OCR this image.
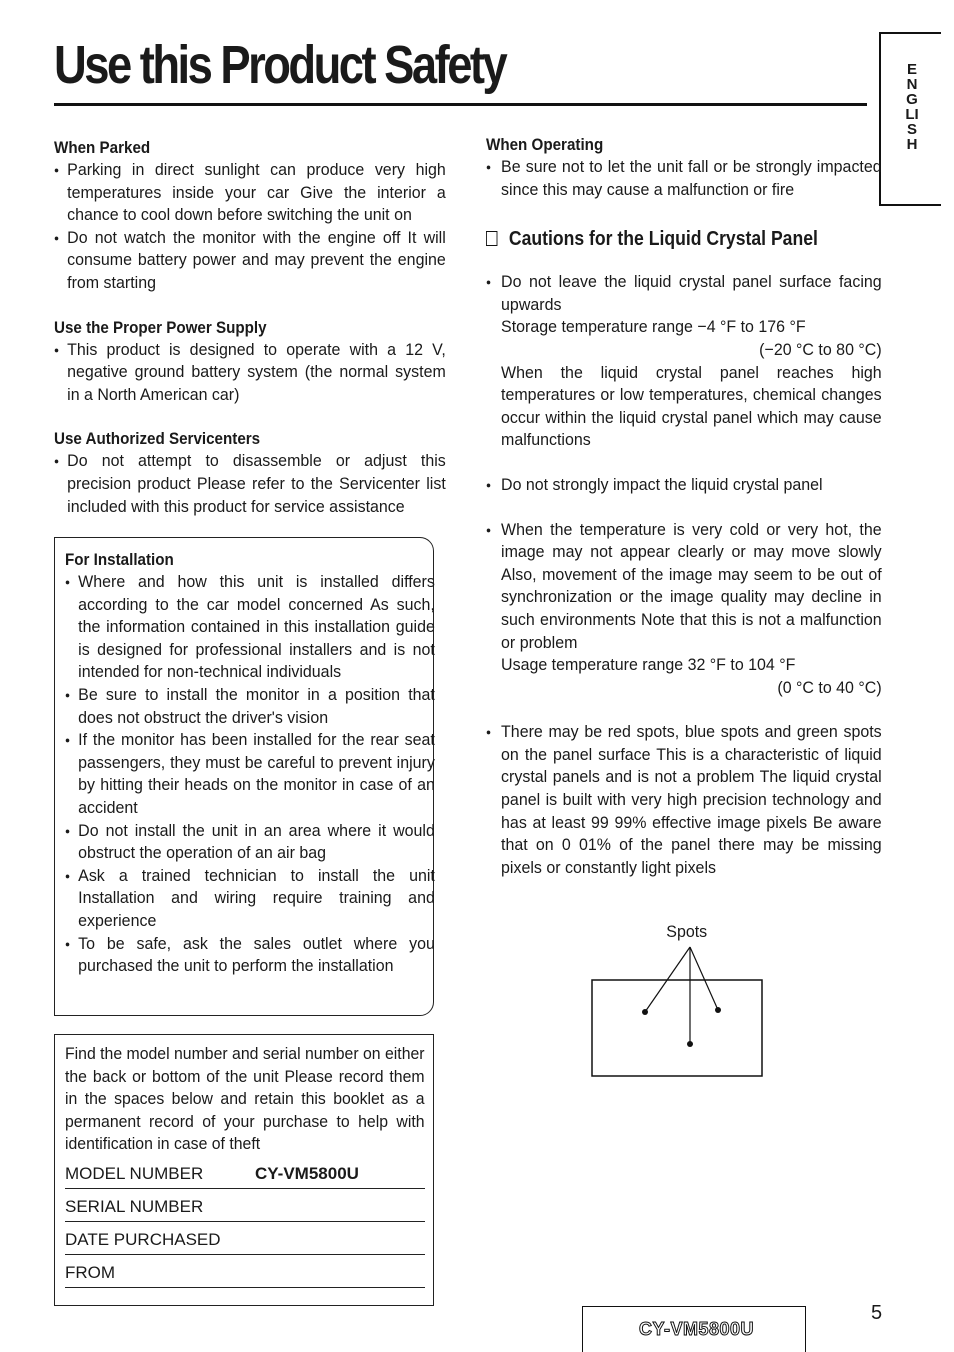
Use this Product Safety	ENGLISH
When Parked
● Parking in direct sunlight can produce very high temperatures inside your car Give the interior a chance to cool down before switching the unit on
● Do not watch the monitor with the engine off It will consume battery power and may prevent the engine from starting
Use the Proper Power Supply
● This product is designed to operate with a 12 V, negative ground battery system (the normal system in a North American car)
Use Authorized Servicenters
● Do not attempt to disassemble or adjust this precision product Please refer to the Servicenter list included with this product for service assistance
For Installation
● Where and how this unit is installed differs according to the car model concerned As such, the information contained in this installation guide is designed for professional installers and is not intended for non-technical individuals
● Be sure to install the monitor in a position that does not obstruct the driver's vision
● If the monitor has been installed for the rear seat passengers, they must be careful to prevent injury by hitting their heads on the monitor in case of an accident
● Do not install the unit in an area where it would obstruct the operation of an air bag
● Ask a trained technician to install the unit Installation and wiring require training and experience
● To be safe, ask the sales outlet where you purchased the unit to perform the installation
Find the model number and serial number on either the back or bottom of the unit Please record them in the spaces below and retain this booklet as a permanent record of your purchase to help with identification in case of theft
MODEL NUMBER	CY-VM5800U
SERIAL NUMBER
DATE PURCHASED
FROM
When Operating
● Be sure not to let the unit fall or be strongly impacted since this may cause a malfunction or fire
Cautions for the Liquid Crystal Panel
● Do not leave the liquid crystal panel surface facing upwards
Storage temperature range −4 °F to 176 °F
(−20 °C to 80 °C)
When the liquid crystal panel reaches high temperatures or low temperatures, chemical changes occur within the liquid crystal panel which may cause malfunctions
● Do not strongly impact the liquid crystal panel
● When the temperature is very cold or very hot, the image may not appear clearly or may move slowly Also, movement of the image may seem to be out of synchronization or the image quality may decline in such environments Note that this is not a malfunction or problem
Usage temperature range 32 °F to 104 °F
(0 °C to 40 °C)
● There may be red spots, blue spots and green spots on the panel surface This is a characteristic of liquid crystal panels and is not a problem The liquid crystal panel is built with very high precision technology and has at least 99 99% effective image pixels Be aware that on 0 01% of the panel there may be missing pixels or constantly light pixels
Spots
CY-VM5800U
5
